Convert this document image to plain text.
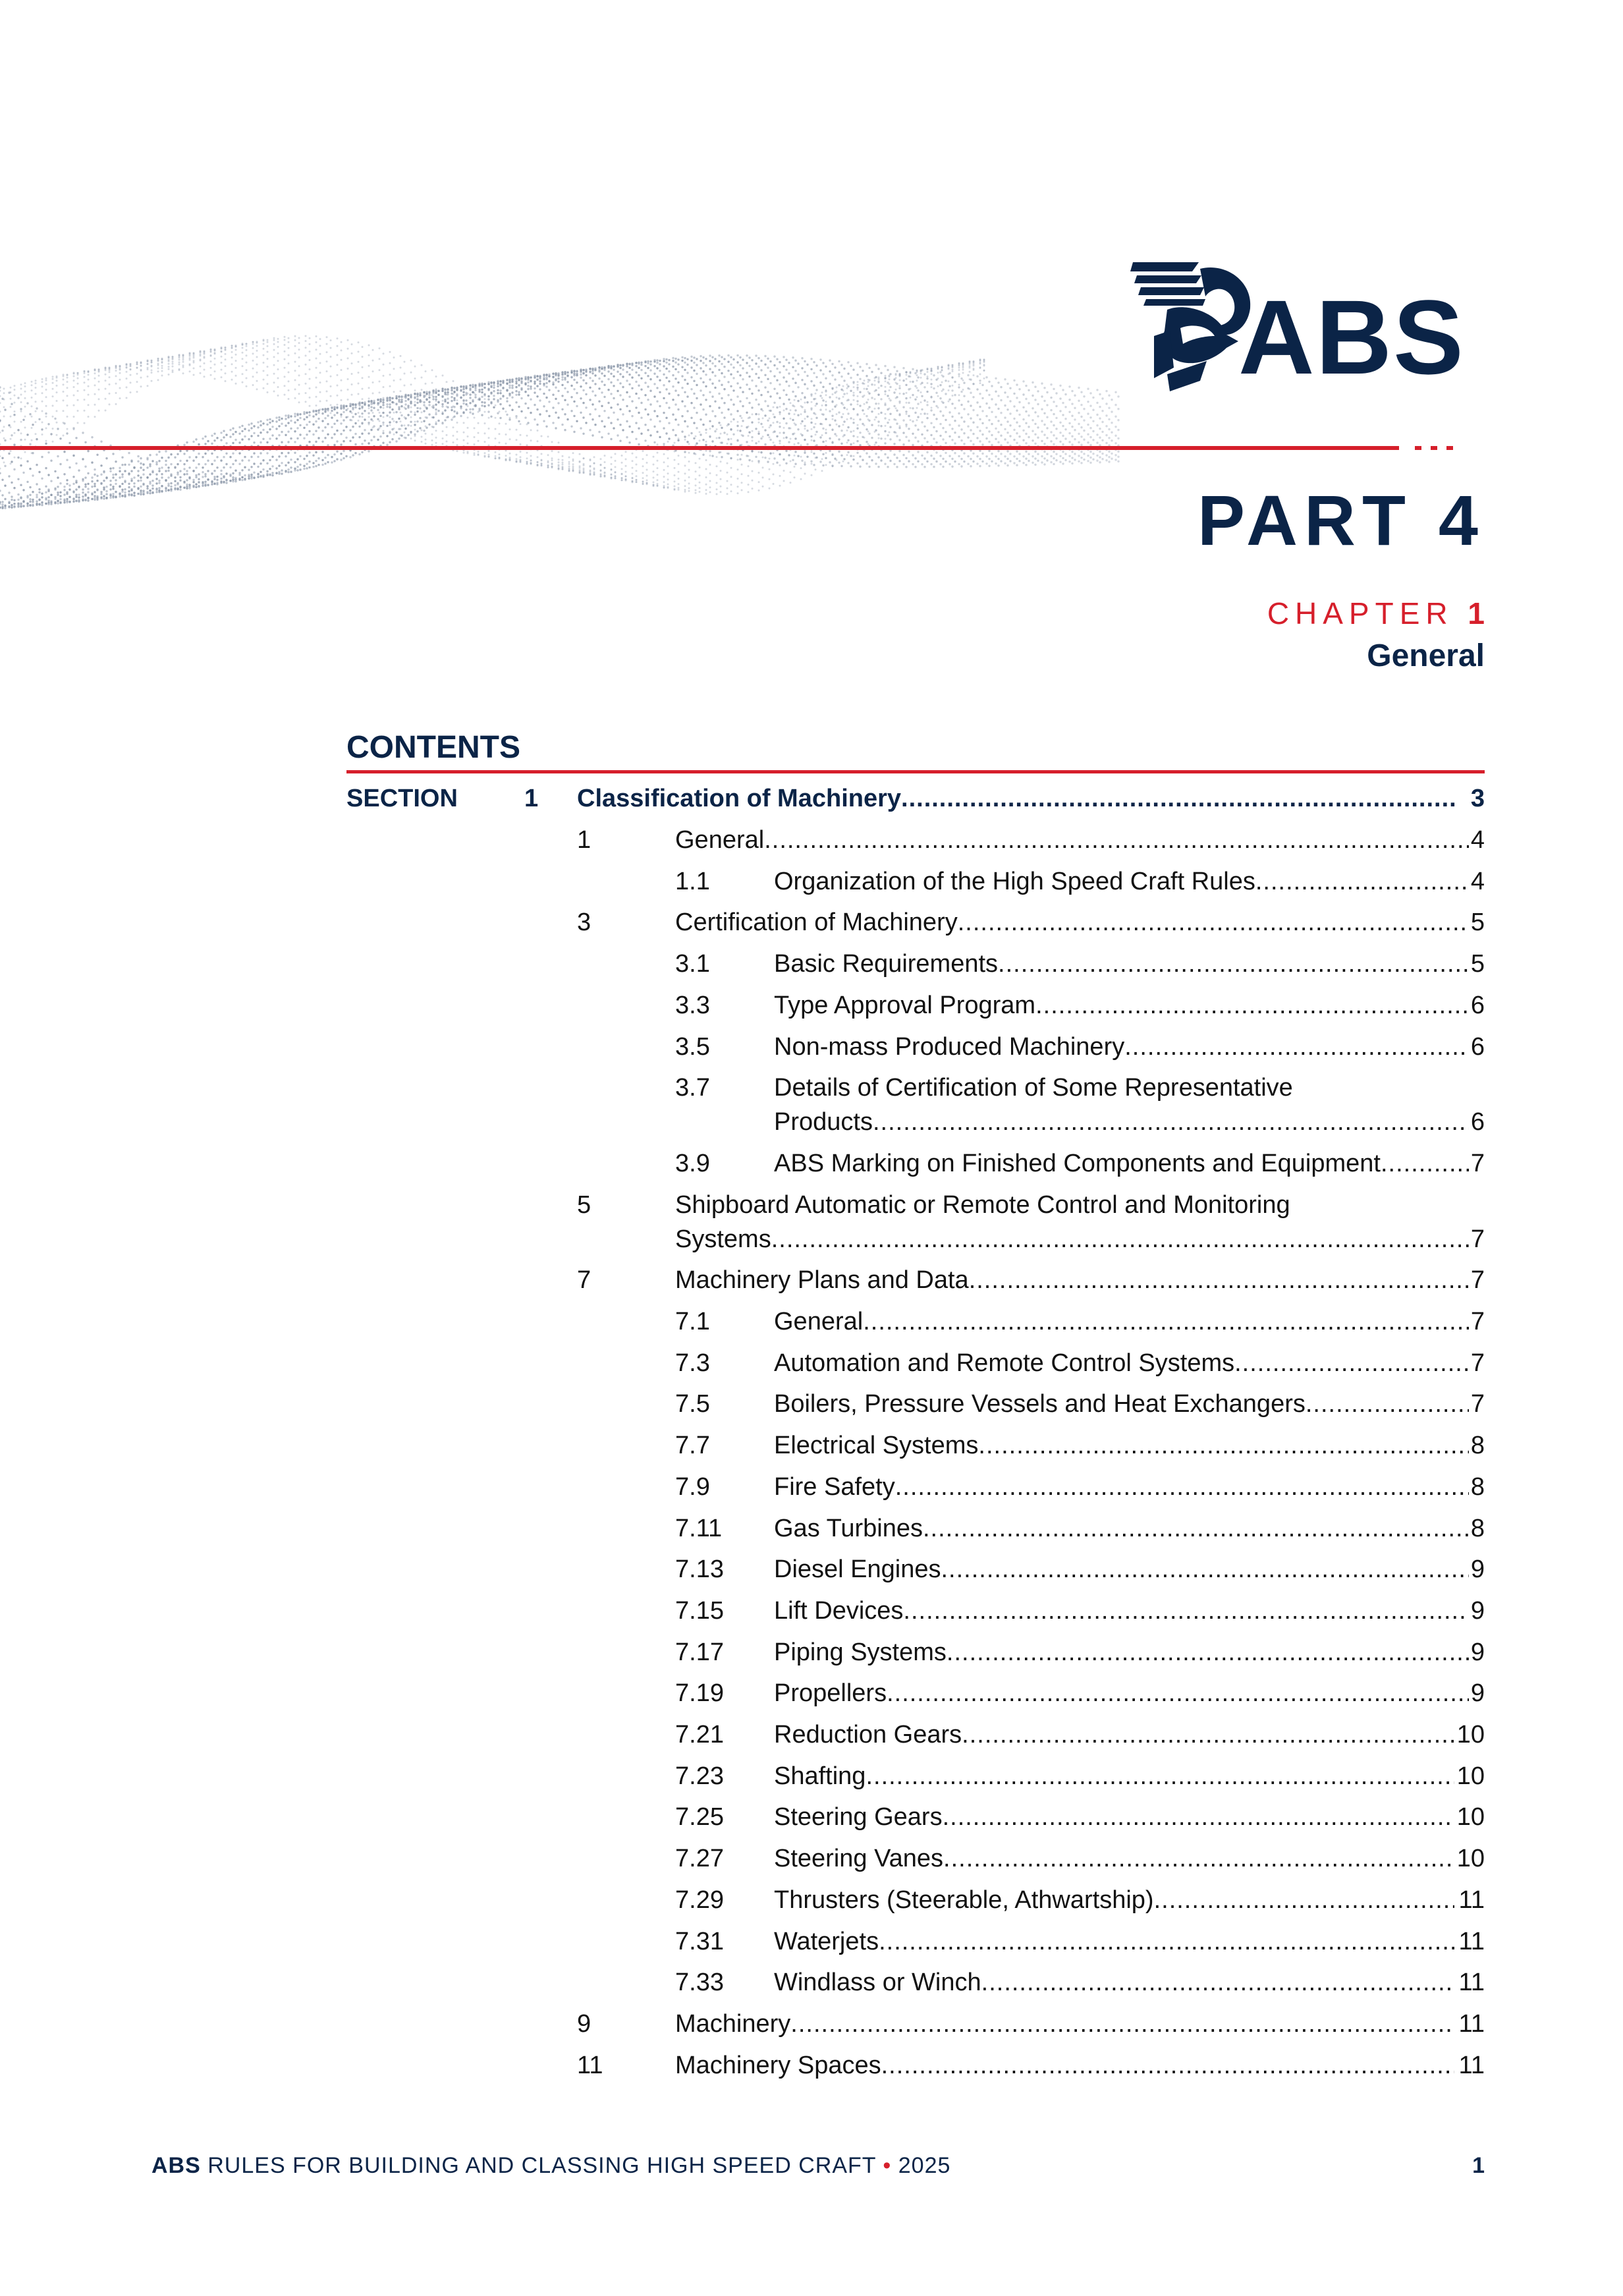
ABS
PART 4
CHAPTER 1
General
CONTENTS
SECTION	1 Classification of Machinery .....	3
1	General .....	4
1.1	Organization of the High Speed Craft Rules .....	4
3	Certification of Machinery .....	5
3.1	Basic Requirements .....	5
3.3	Type Approval Program .....	6
3.5	Non-mass Produced Machinery .....	6
3.7	Details of Certification of Some Representative
Products .....	6
3.9	ABS Marking on Finished Components and Equipment .....	7
5	Shipboard Automatic or Remote Control and Monitoring
Systems .....	7
7	Machinery Plans and Data .....	7
7.1	General .....	7
7.3	Automation and Remote Control Systems .....	7
7.5	Boilers, Pressure Vessels and Heat Exchangers .....	7
7.7	Electrical Systems .....	8
7.9	Fire Safety .....	8
7.11 Gas Turbines .....	8
7.13 Diesel Engines .....	9
7.15 Lift Devices .....	9
7.17 Piping Systems .....	9
7.19 Propellers .....	9
7.21 Reduction Gears .....	10
7.23 Shafting .....	10
7.25 Steering Gears .....	10
7.27 Steering Vanes .....	10
7.29 Thrusters (Steerable, Athwartship) .....	11
7.31 Waterjets .....	11
7.33 Windlass or Winch .....	11
9	Machinery .....	11
11	Machinery Spaces .....	11
ABS RULES FOR BUILDING AND CLASSING HIGH SPEED CRAFT • 2025	1
